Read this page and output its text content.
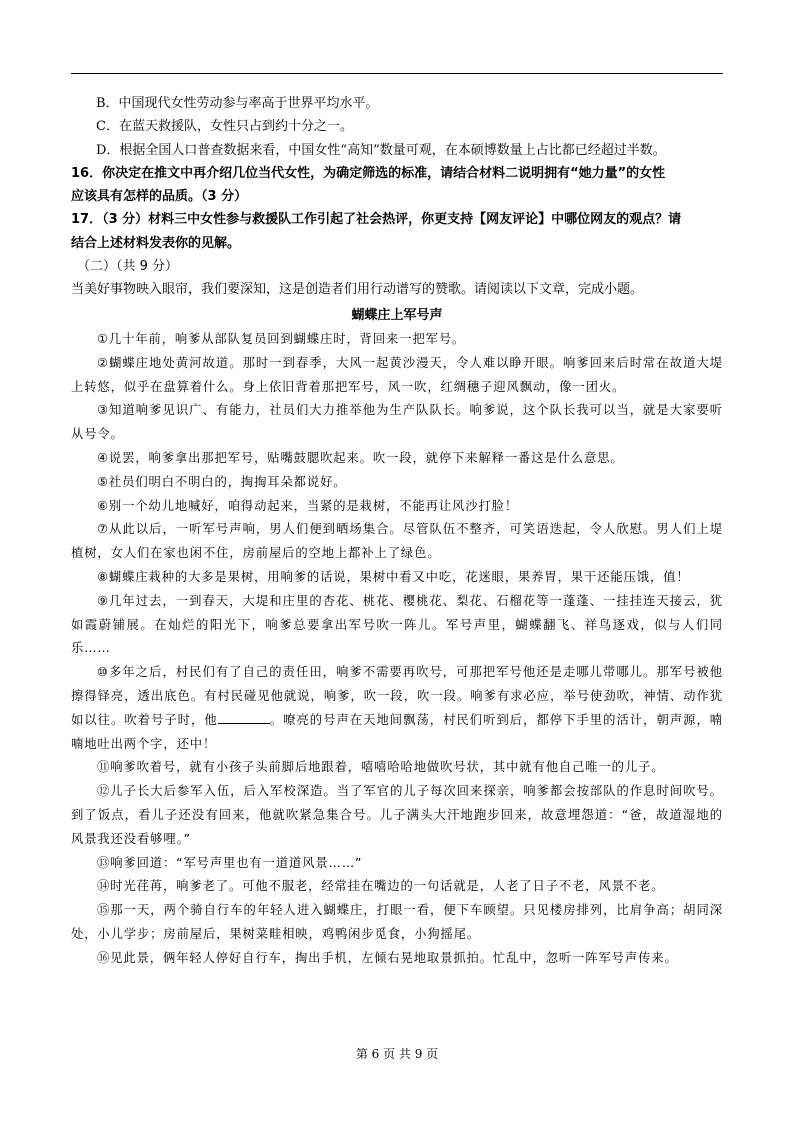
B．中国现代女性劳动参与率高于世界平均水平。

C．在蓝天救援队，女性只占到约十分之一。

D．根据全国人口普查数据来看，中国女性“高知”数量可观，在本硕博数量上占比都已经超过半数。

16．你决定在推文中再介绍几位当代女性，为确定筛选的标准，请结合材料二说明拥有“她力量”的女性

应该具有怎样的品质。（3 分）

17．（3 分）材料三中女性参与救援队工作引起了社会热评，你更支持【网友评论】中哪位网友的观点？请

结合上述材料发表你的见解。

（二）（共 9 分）

当美好事物映入眼帘，我们要深知，这是创造者们用行动谱写的赞歌。请阅读以下文章，完成小题。

蝴蝶庄上军号声

①几十年前，响爹从部队复员回到蝴蝶庄时，背回来一把军号。

②蝴蝶庄地处黄河故道。那时一到春季，大风一起黄沙漫天，令人难以睁开眼。响爹回来后时常在故道大堤上转悠，似乎在盘算着什么。身上依旧背着那把军号，风一吹，红绸穗子迎风飘动，像一团火。

③知道响爹见识广、有能力，社员们大力推举他为生产队队长。响爹说，这个队长我可以当，就是大家要听从号令。

④说罢，响爹拿出那把军号，贴嘴鼓腮吹起来。吹一段，就停下来解释一番这是什么意思。

⑤社员们明白不明白的，掏掏耳朵都说好。

⑥别一个幼儿地喊好，咱得动起来，当紧的是栽树，不能再让风沙打脸！

⑦从此以后，一听军号声响，男人们便到晒场集合。尽管队伍不整齐，可笑语迭起，令人欣慰。男人们上堤植树，女人们在家也闲不住，房前屋后的空地上都补上了绿色。

⑧蝴蝶庄栽种的大多是果树，用响爹的话说，果树中看又中吃，花迷眼，果养胃，果干还能压饿，值！

⑨几年过去，一到春天，大堤和庄里的杏花、桃花、樱桃花、梨花、石榴花等一蓬蓬、一挂挂连天接云，犹如霞蔚铺展。在灿烂的阳光下，响爹总要拿出军号吹一阵儿。军号声里，蝴蝶翻飞、祥鸟逐戏，似与人们同乐……

⑩多年之后，村民们有了自己的责任田，响爹不需要再吹号，可那把军号他还是走哪儿带哪儿。那军号被他擦得铎亮，透出底色。有村民碰见他就说，响爹，吹一段，吹一段。响爹有求必应，举号使劲吹，神情、动作犹如以往。吹着号子时，他	。嘹亮的号声在天地间飘荡，村民们听到后，都停下手里的活计，朝声源，喃喃地吐出两个字，还中！

⑪响爹吹着号，就有小孩子头前脚后地跟着，嘻嘻哈哈地做吹号状，其中就有他自己唯一的儿子。

⑫儿子长大后参军入伍，后入军校深造。当了军官的儿子每次回来探亲，响爹都会按部队的作息时间吹号。到了饭点，看儿子还没有回来，他就吹紧急集合号。儿子满头大汗地跑步回来，故意埋怨道：“爸，故道湿地的风景我还没看够哩。”

⑬响爹回道：“军号声里也有一道道风景……”

⑭时光荏苒，响爹老了。可他不服老，经常挂在嘴边的一句话就是，人老了日子不老，风景不老。

⑮那一天，两个骑自行车的年轻人进入蝴蝶庄，打眼一看，便下车顾望。只见楼房排列，比肩争高；胡同深处，小儿学步；房前屋后，果树菜畦相映，鸡鸭闲步觅食，小狗摇尾。

⑯见此景，俩年轻人停好自行车，掏出手机，左倾右晃地取景抓拍。忙乱中，忽听一阵军号声传来。

第 6 页 共 9 页
